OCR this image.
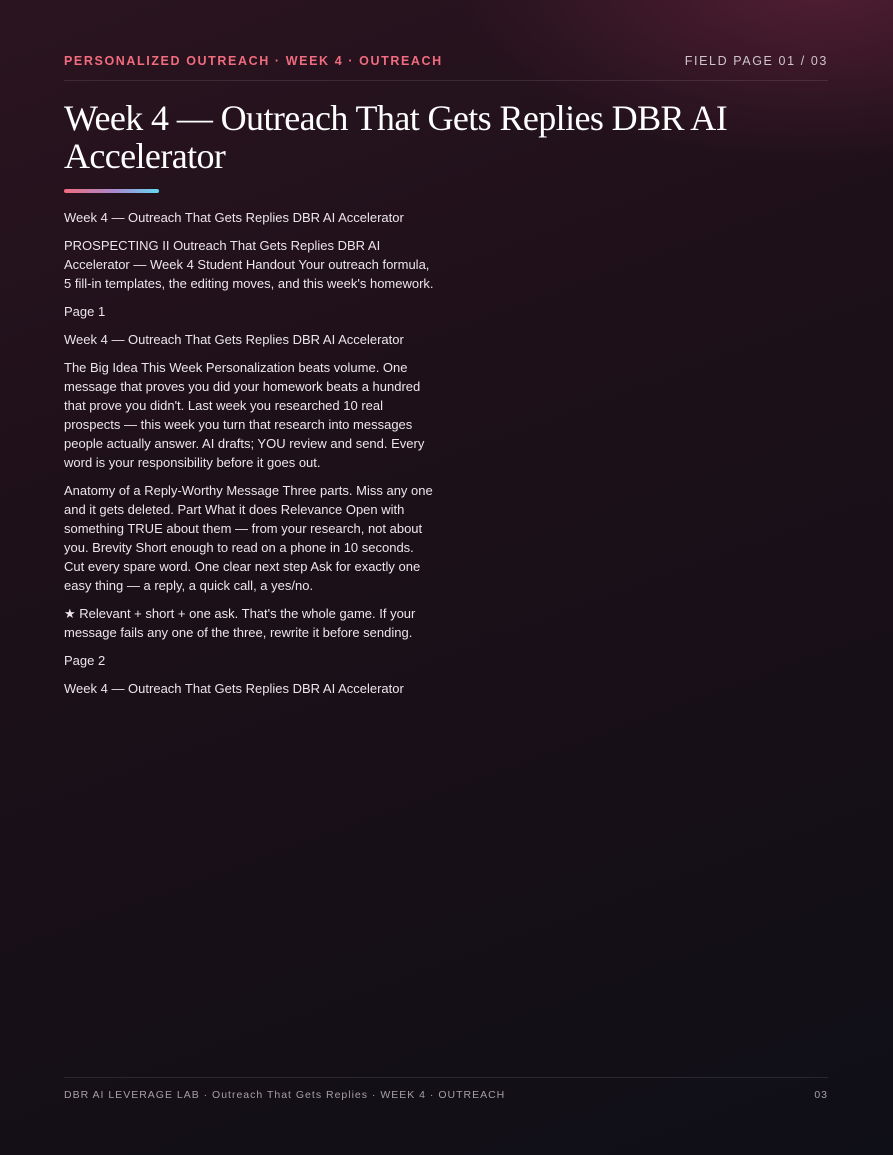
PERSONALIZED OUTREACH · WEEK 4 · OUTREACH	FIELD PAGE 01 / 03
Week 4 — Outreach That Gets Replies DBR AI Accelerator

Week 4 — Outreach That Gets Replies DBR AI Accelerator

PROSPECTING II Outreach That Gets Replies DBR AI Accelerator — Week 4 Student Handout Your outreach formula, 5 fill-in templates, the editing moves, and this week's homework.

Page 1

Week 4 — Outreach That Gets Replies DBR AI Accelerator

The Big Idea This Week Personalization beats volume. One message that proves you did your homework beats a hundred that prove you didn't. Last week you researched 10 real prospects — this week you turn that research into messages people actually answer. AI drafts; YOU review and send. Every word is your responsibility before it goes out.

Anatomy of a Reply-Worthy Message Three parts. Miss any one and it gets deleted. Part What it does Relevance Open with something TRUE about them — from your research, not about you. Brevity Short enough to read on a phone in 10 seconds. Cut every spare word. One clear next step Ask for exactly one easy thing — a reply, a quick call, a yes/no.

★ Relevant + short + one ask. That's the whole game. If your message fails any one of the three, rewrite it before sending.

Page 2

Week 4 — Outreach That Gets Replies DBR AI Accelerator

DBR AI LEVERAGE LAB · Outreach That Gets Replies · WEEK 4 · OUTREACH	03
